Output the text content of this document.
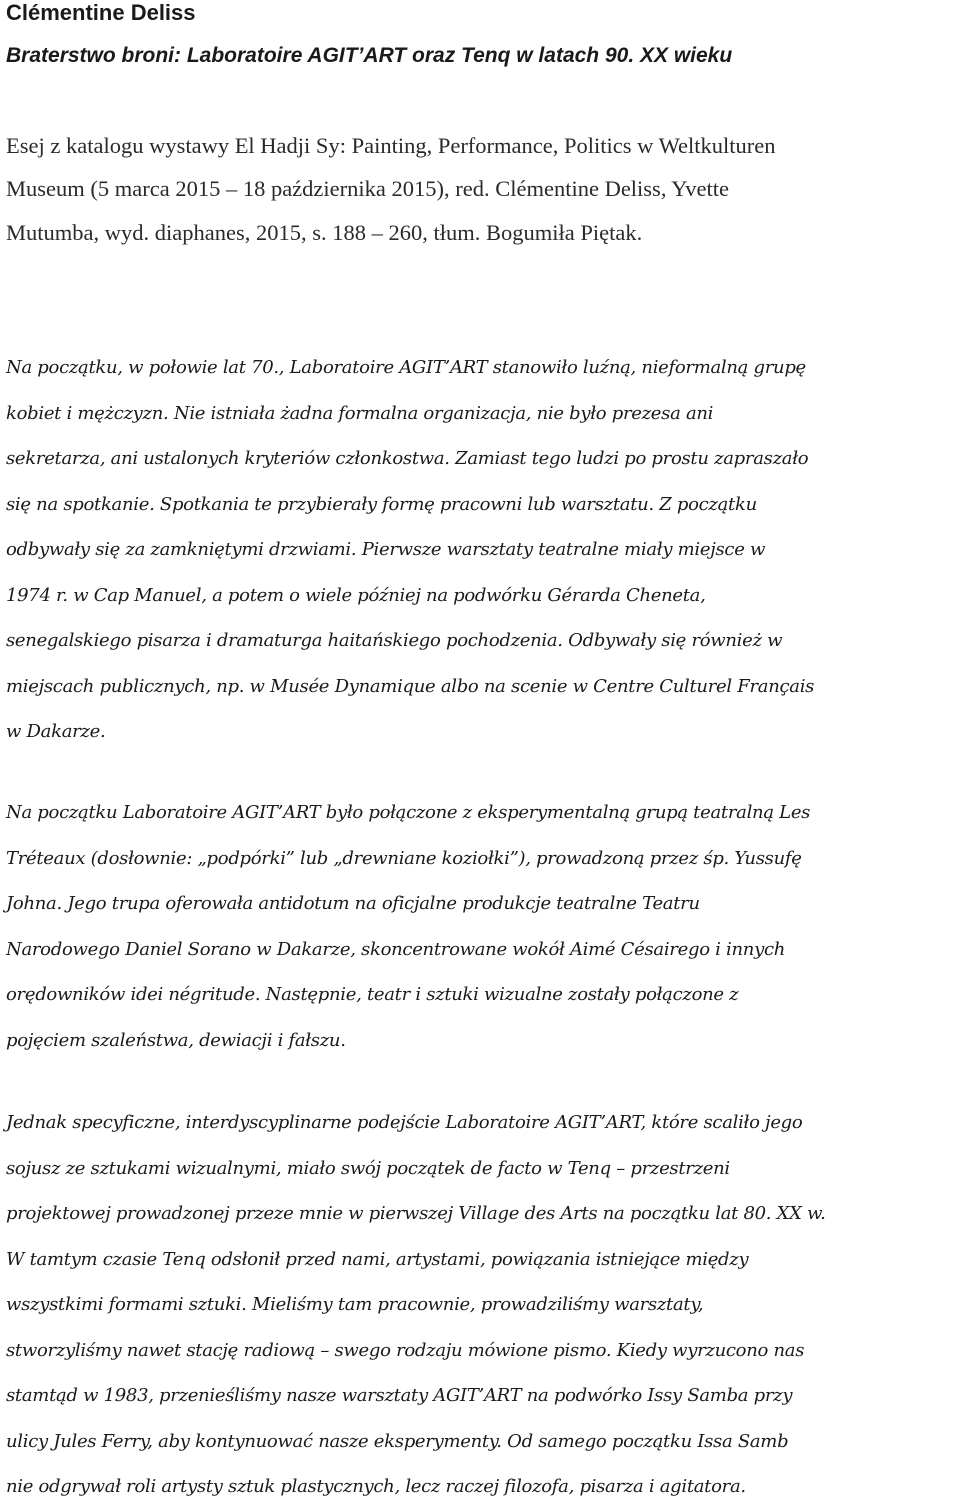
Clémentine Deliss
Braterstwo broni: Laboratoire AGIT’ART oraz Tenq w latach 90. XX wieku
Esej z katalogu wystawy El Hadji Sy: Painting, Performance, Politics w Weltkulturen
Museum (5 marca 2015 – 18 października 2015), red. Clémentine Deliss, Yvette
Mutumba, wyd. diaphanes, 2015, s. 188 – 260, tłum. Bogumiła Piętak.
Na początku, w połowie lat 70., Laboratoire AGIT’ART stanowiło luźną, nieformalną grupę
kobiet i mężczyzn. Nie istniała żadna formalna organizacja, nie było prezesa ani
sekretarza, ani ustalonych kryteriów członkostwa. Zamiast tego ludzi po prostu zapraszało
się na spotkanie. Spotkania te przybierały formę pracowni lub warsztatu. Z początku
odbywały się za zamkniętymi drzwiami. Pierwsze warsztaty teatralne miały miejsce w
1974 r. w Cap Manuel, a potem o wiele później na podwórku Gérarda Cheneta,
senegalskiego pisarza i dramaturga haitańskiego pochodzenia. Odbywały się również w
miejscach publicznych, np. w Musée Dynamique albo na scenie w Centre Culturel Français
w Dakarze.
Na początku Laboratoire AGIT’ART było połączone z eksperymentalną grupą teatralną Les
Tréteaux (dosłownie: „podpórki” lub „drewniane koziołki”), prowadzoną przez śp. Yussufę
Johna. Jego trupa oferowała antidotum na oficjalne produkcje teatralne Teatru
Narodowego Daniel Sorano w Dakarze, skoncentrowane wokół Aimé Césairego i innych
orędowników idei négritude. Następnie, teatr i sztuki wizualne zostały połączone z
pojęciem szaleństwa, dewiacji i fałszu.
Jednak specyficzne, interdyscyplinarne podejście Laboratoire AGIT’ART, które scaliło jego
sojusz ze sztukami wizualnymi, miało swój początek de facto w Tenq – przestrzeni
projektowej prowadzonej przeze mnie w pierwszej Village des Arts na początku lat 80. XX w.
W tamtym czasie Tenq odsłonił przed nami, artystami, powiązania istniejące między
wszystkimi formami sztuki. Mieliśmy tam pracownie, prowadziliśmy warsztaty,
stworzyliśmy nawet stację radiową – swego rodzaju mówione pismo. Kiedy wyrzucono nas
stamtąd w 1983, przenieśliśmy nasze warsztaty AGIT’ART na podwórko Issy Samba przy
ulicy Jules Ferry, aby kontynuować nasze eksperymenty. Od samego początku Issa Samb
nie odgrywał roli artysty sztuk plastycznych, lecz raczej filozofa, pisarza i agitatora.
